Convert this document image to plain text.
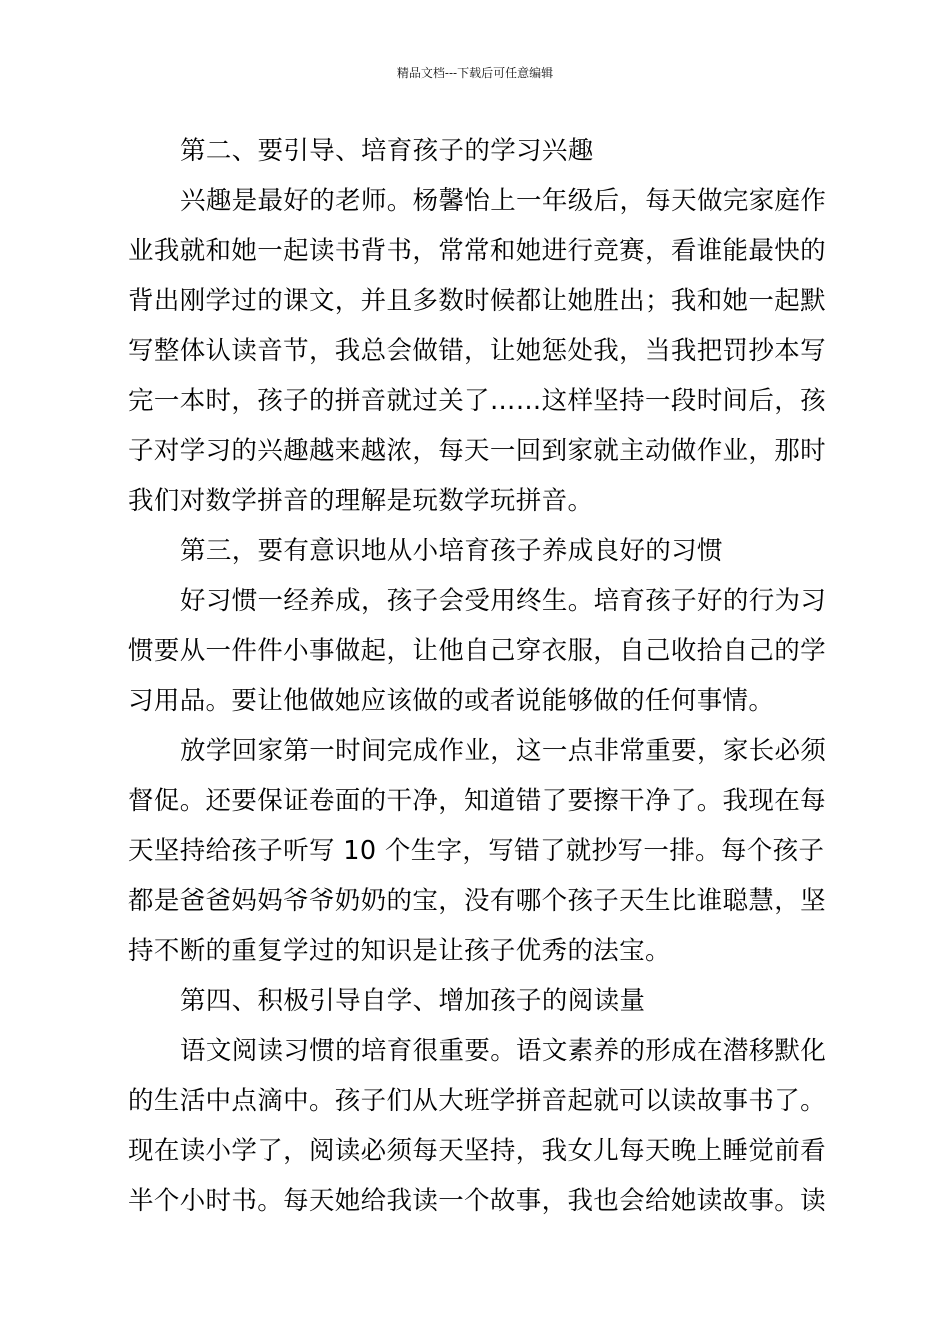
精品文档---下载后可任意编辑
第二、要引导、培育孩子的学习兴趣
兴趣是最好的老师。杨馨怡上一年级后，每天做完家庭作
业我就和她一起读书背书，常常和她进行竞赛，看谁能最快的
背出刚学过的课文，并且多数时候都让她胜出；我和她一起默
写整体认读音节，我总会做错，让她惩处我，当我把罚抄本写
完一本时，孩子的拼音就过关了……这样坚持一段时间后，孩
子对学习的兴趣越来越浓，每天一回到家就主动做作业，那时
我们对数学拼音的理解是玩数学玩拼音。
第三，要有意识地从小培育孩子养成良好的习惯
好习惯一经养成，孩子会受用终生。培育孩子好的行为习
惯要从一件件小事做起，让他自己穿衣服，自己收拾自己的学
习用品。要让他做她应该做的或者说能够做的任何事情。
放学回家第一时间完成作业，这一点非常重要，家长必须
督促。还要保证卷面的干净，知道错了要擦干净了。我现在每
天坚持给孩子听写 10 个生字，写错了就抄写一排。每个孩子
都是爸爸妈妈爷爷奶奶的宝，没有哪个孩子天生比谁聪慧，坚
持不断的重复学过的知识是让孩子优秀的法宝。
第四、积极引导自学、增加孩子的阅读量
语文阅读习惯的培育很重要。语文素养的形成在潜移默化
的生活中点滴中。孩子们从大班学拼音起就可以读故事书了。
现在读小学了，阅读必须每天坚持，我女儿每天晚上睡觉前看
半个小时书。每天她给我读一个故事，我也会给她读故事。读
